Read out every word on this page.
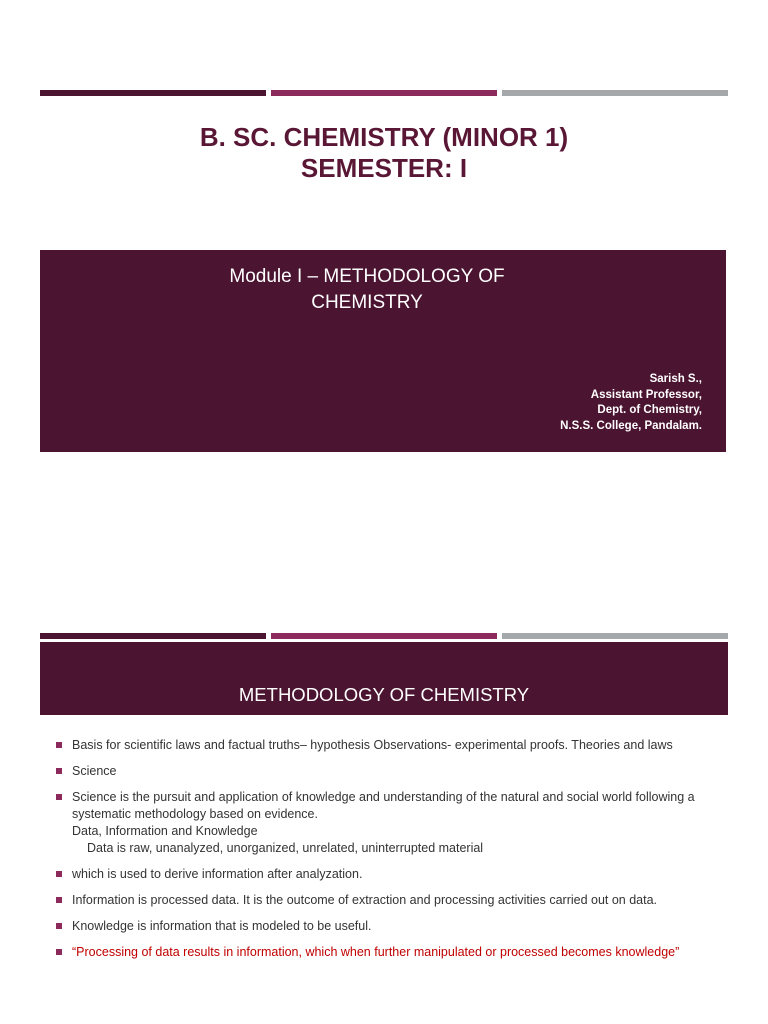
B. SC. CHEMISTRY (MINOR 1)
SEMESTER: I
Module I – METHODOLOGY OF
CHEMISTRY
Sarish S.,
Assistant Professor,
Dept. of Chemistry,
N.S.S. College, Pandalam.
METHODOLOGY OF CHEMISTRY
Basis for scientific laws and factual truths– hypothesis Observations- experimental proofs. Theories and laws
Science
Science is the pursuit and application of knowledge and understanding of the natural and social world following a systematic methodology based on evidence.
Data, Information and Knowledge
Data is raw, unanalyzed, unorganized, unrelated, uninterrupted material
which is used to derive information after analyzation.
Information is processed data. It is the outcome of extraction and processing activities carried out on data.
Knowledge is information that is modeled to be useful.
“Processing of data results in information, which when further manipulated or processed becomes knowledge”
